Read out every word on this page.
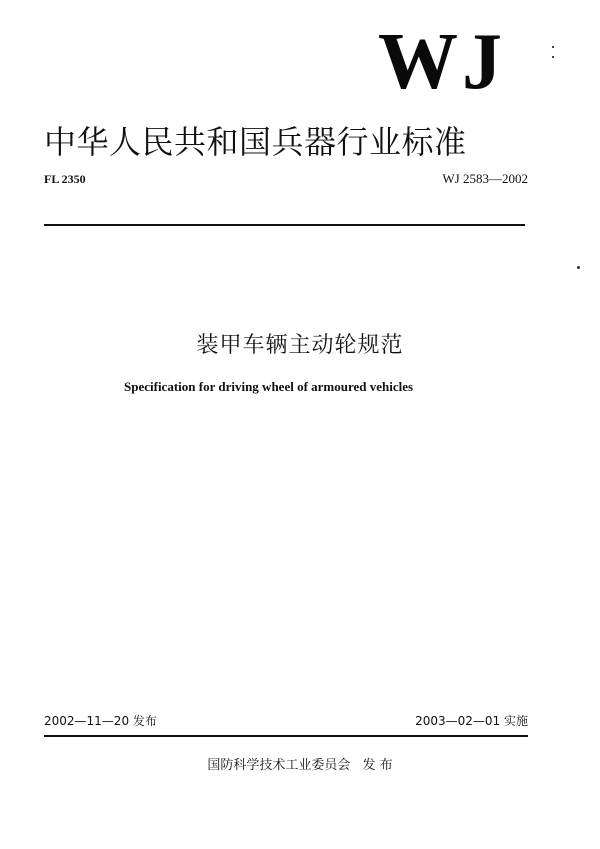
WJ
中华人民共和国兵器行业标准
FL 2350	WJ 2583—2002
装甲车辆主动轮规范
Specification for driving wheel of armoured vehicles
2002—11—20 发布	2003—02—01 实施
国防科学技术工业委员会 发 布
